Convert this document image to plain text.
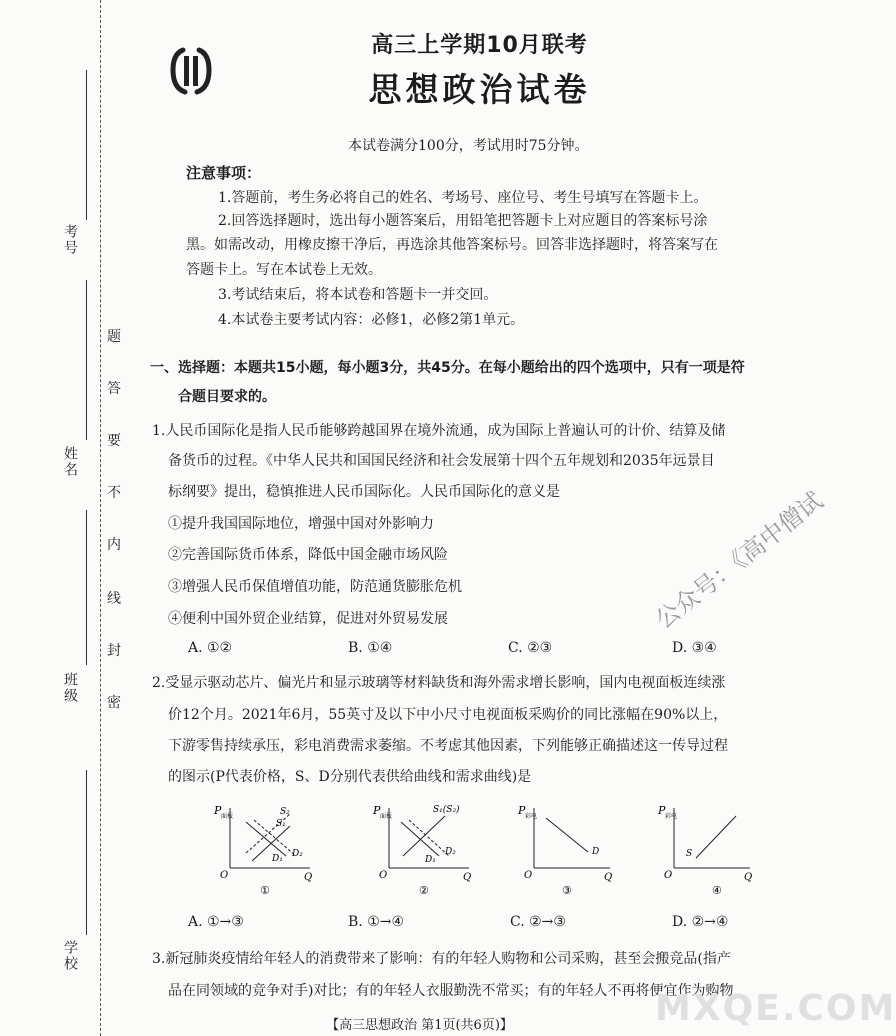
考号
姓名
班级
学校
密
封
线
内
不
要
答
题
高三上学期10月联考
思想政治试卷
本试卷满分100分，考试用时75分钟。
注意事项：
1.答题前，考生务必将自己的姓名、考场号、座位号、考生号填写在答题卡上。
2.回答选择题时，选出每小题答案后，用铅笔把答题卡上对应题目的答案标号涂
黑。如需改动，用橡皮擦干净后，再选涂其他答案标号。回答非选择题时，将答案写在
答题卡上。写在本试卷上无效。
3.考试结束后，将本试卷和答题卡一并交回。
4.本试卷主要考试内容：必修1，必修2第1单元。
一、选择题：本题共15小题，每小题3分，共45分。在每小题给出的四个选项中，只有一项是符
合题目要求的。
1.人民币国际化是指人民币能够跨越国界在境外流通，成为国际上普遍认可的计价、结算及储
备货币的过程。《中华人民共和国国民经济和社会发展第十四个五年规划和2035年远景目
标纲要》提出，稳慎推进人民币国际化。人民币国际化的意义是
①提升我国国际地位，增强中国对外影响力
②完善国际货币体系，降低中国金融市场风险
③增强人民币保值增值功能，防范通货膨胀危机
④便利中国外贸企业结算，促进对外贸易发展
A. ①②	B. ①④	C. ②③	D. ③④
2.受显示驱动芯片、偏光片和显示玻璃等材料缺货和海外需求增长影响，国内电视面板连续涨
价12个月。2021年6月，55英寸及以下中小尺寸电视面板采购价的同比涨幅在90%以上，
下游零售持续承压，彩电消费需求萎缩。不考虑其他因素，下列能够正确描述这一传导过程
的图示(P代表价格，S、D分别代表供给曲线和需求曲线)是
P 面板
O	Q
S₂
S₁
D₁ D₂
①
P 面板
O	Q
S₁(S₂)
D₁
D₂
②
P 彩电
O	Q
D
③
P 彩电
O	Q
S
④
A. ①→③	B. ①→④	C. ②→③	D. ②→④
3.新冠肺炎疫情给年轻人的消费带来了影响：有的年轻人购物和公司采购，甚至会搬竞品(指产
品在同领域的竞争对手)对比；有的年轻人衣服勤洗不常买；有的年轻人不再将便宜作为购物
公众号：《高中僧试
MXQE.COM
【高三思想政治 第1页(共6页)】
